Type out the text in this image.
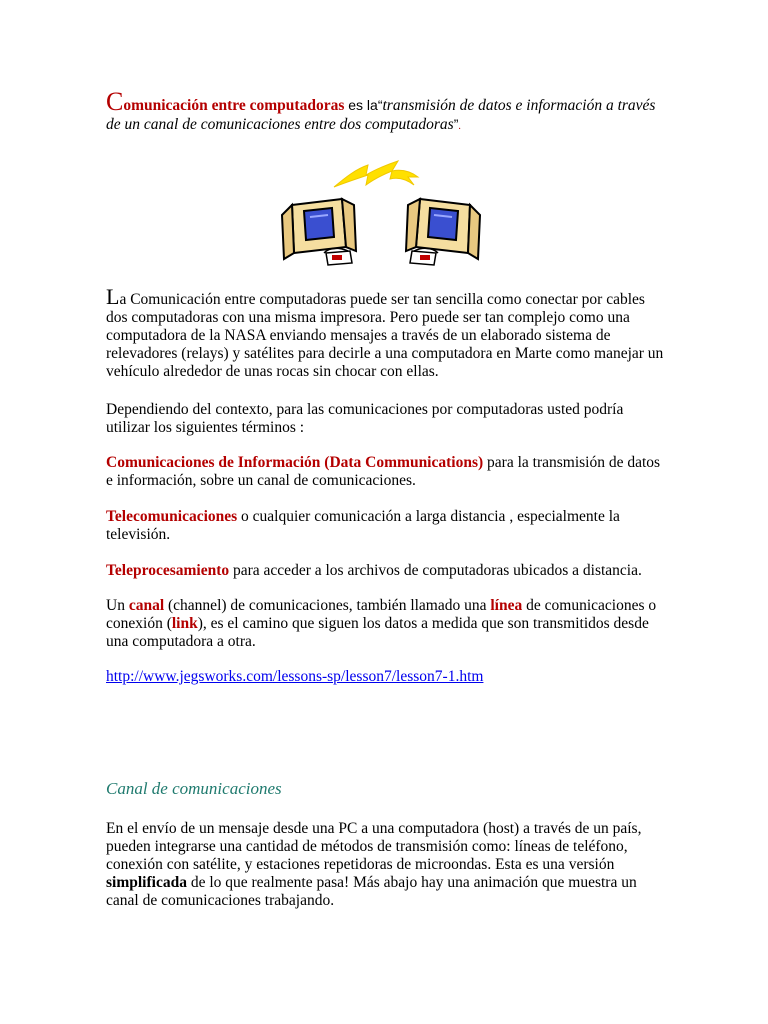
Comunicación entre computadoras es la“transmisión de datos e información a través de un canal de comunicaciones entre dos computadoras”.

La Comunicación entre computadoras puede ser tan sencilla como conectar por cables dos computadoras con una misma impresora. Pero puede ser tan complejo como una computadora de la NASA enviando mensajes a través de un elaborado sistema de relevadores (relays) y satélites para decirle a una computadora en Marte como manejar un vehículo alrededor de unas rocas sin chocar con ellas.

Dependiendo del contexto, para las comunicaciones por computadoras usted podría utilizar los siguientes términos :

Comunicaciones de Información (Data Communications) para la transmisión de datos e información, sobre un canal de comunicaciones.

Telecomunicaciones o cualquier comunicación a larga distancia , especialmente la televisión.

Teleprocesamiento para acceder a los archivos de computadoras ubicados a distancia.

Un canal (channel) de comunicaciones, también llamado una línea de comunicaciones o conexión (link), es el camino que siguen los datos a medida que son transmitidos desde una computadora a otra.

http://www.jegsworks.com/lessons-sp/lesson7/lesson7-1.htm

Canal de comunicaciones

En el envío de un mensaje desde una PC a una computadora (host) a través de un país, pueden integrarse una cantidad de métodos de transmisión como: líneas de teléfono, conexión con satélite, y estaciones repetidoras de microondas. Esta es una versión simplificada de lo que realmente pasa! Más abajo hay una animación que muestra un canal de comunicaciones trabajando.
